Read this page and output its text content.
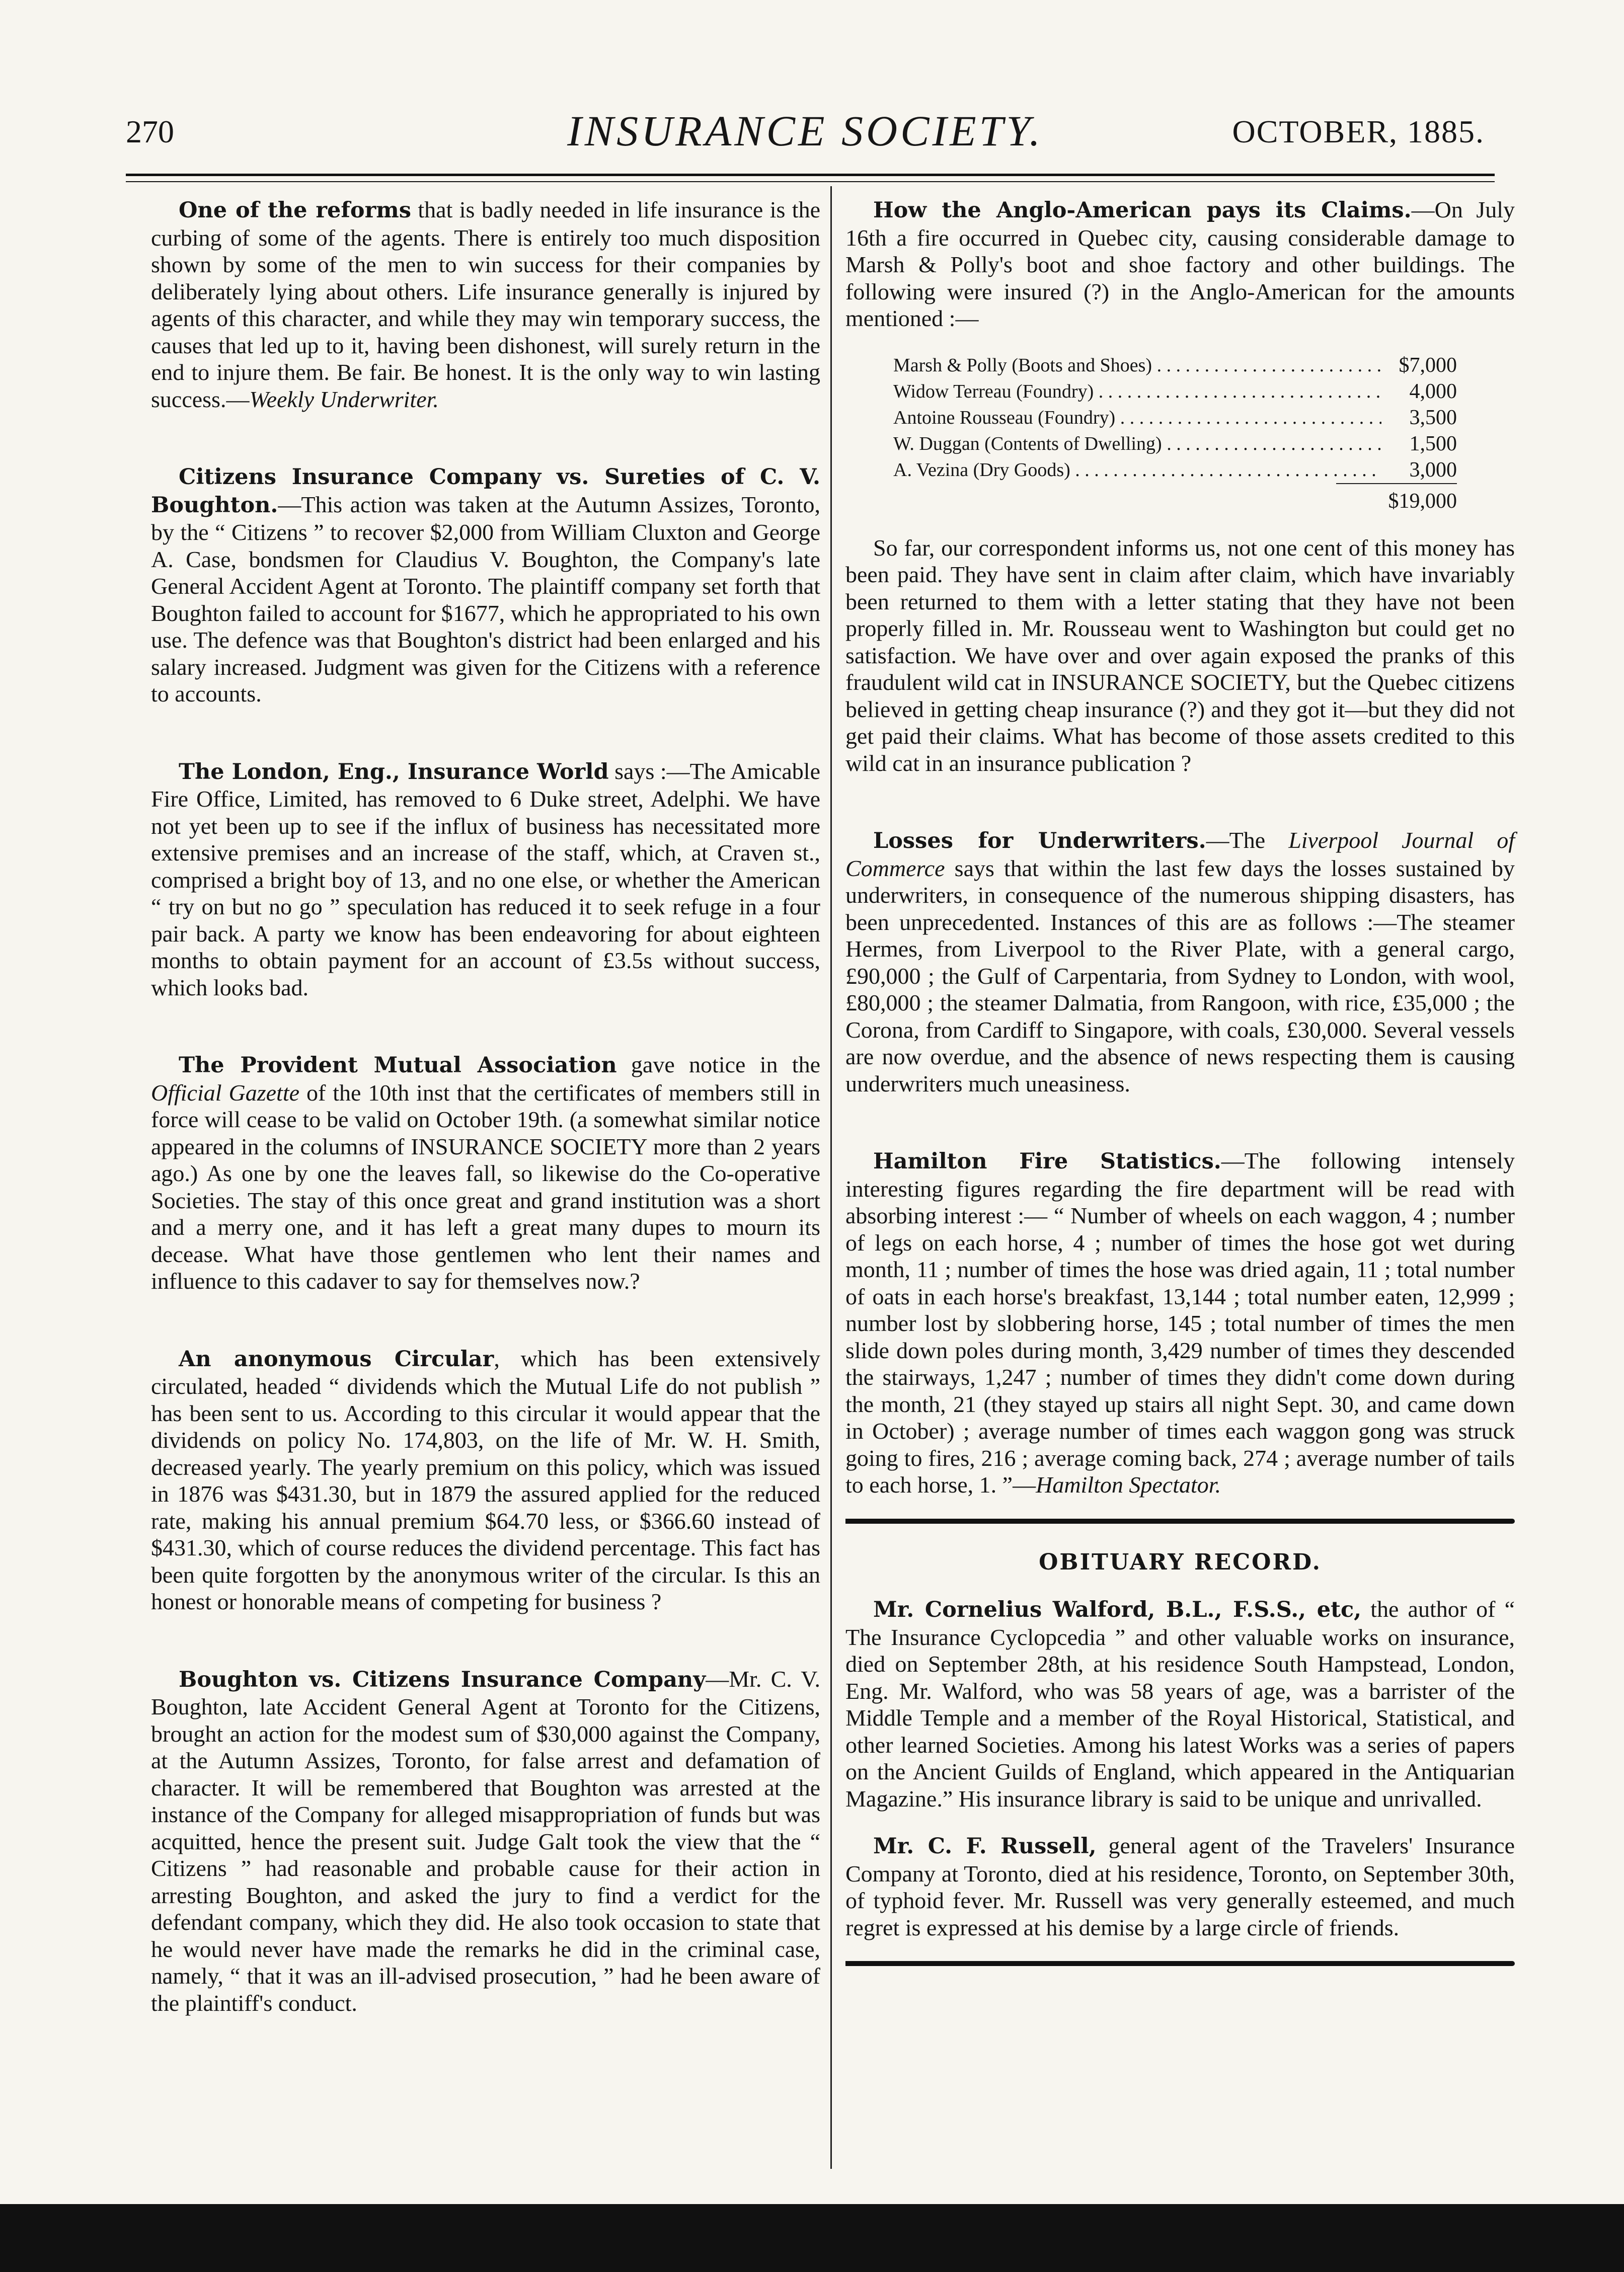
270	INSURANCE SOCIETY.	OCTOBER, 1885.

One of the reforms that is badly needed in life insurance is the curbing of some of the agents. There is entirely too much disposition shown by some of the men to win success for their companies by deliberately lying about others. Life insurance generally is injured by agents of this character, and while they may win temporary success, the causes that led up to it, having been dishonest, will surely return in the end to injure them. Be fair. Be honest. It is the only way to win lasting success.—Weekly Underwriter.

Citizens Insurance Company vs. Sureties of C. V. Boughton.—This action was taken at the Autumn Assizes, Toronto, by the “ Citizens ” to recover $2,000 from William Cluxton and George A. Case, bondsmen for Claudius V. Boughton, the Company's late General Accident Agent at Toronto. The plaintiff company set forth that Boughton failed to account for $1677, which he appropriated to his own use. The defence was that Boughton's district had been enlarged and his salary increased. Judgment was given for the Citizens with a reference to accounts.

The London, Eng., Insurance World says :—The Amicable Fire Office, Limited, has removed to 6 Duke street, Adelphi. We have not yet been up to see if the influx of business has necessitated more extensive premises and an increase of the staff, which, at Craven st., comprised a bright boy of 13, and no one else, or whether the American “ try on but no go ” speculation has reduced it to seek refuge in a four pair back. A party we know has been endeavoring for about eighteen months to obtain payment for an account of £3.5s without success, which looks bad.

The Provident Mutual Association gave notice in the Official Gazette of the 10th inst that the certificates of members still in force will cease to be valid on October 19th. (a somewhat similar notice appeared in the columns of INSURANCE SOCIETY more than 2 years ago.) As one by one the leaves fall, so likewise do the Co-operative Societies. The stay of this once great and grand institution was a short and a merry one, and it has left a great many dupes to mourn its decease. What have those gentlemen who lent their names and influence to this cadaver to say for themselves now.?

An anonymous Circular, which has been extensively circulated, headed “ dividends which the Mutual Life do not publish ” has been sent to us. According to this circular it would appear that the dividends on policy No. 174,803, on the life of Mr. W. H. Smith, decreased yearly. The yearly premium on this policy, which was issued in 1876 was $431.30, but in 1879 the assured applied for the reduced rate, making his annual premium $64.70 less, or $366.60 instead of $431.30, which of course reduces the dividend percentage. This fact has been quite forgotten by the anonymous writer of the circular. Is this an honest or honorable means of competing for business ?

Boughton vs. Citizens Insurance Company—Mr. C. V. Boughton, late Accident General Agent at Toronto for the Citizens, brought an action for the modest sum of $30,000 against the Company, at the Autumn Assizes, Toronto, for false arrest and defamation of character. It will be remembered that Boughton was arrested at the instance of the Company for alleged misappropriation of funds but was acquitted, hence the present suit. Judge Galt took the view that the “ Citizens ” had reasonable and probable cause for their action in arresting Boughton, and asked the jury to find a verdict for the defendant company, which they did. He also took occasion to state that he would never have made the remarks he did in the criminal case, namely, “ that it was an ill-advised prosecution, ” had he been aware of the plaintiff's conduct.

How the Anglo-American pays its Claims.—On July 16th a fire occurred in Quebec city, causing considerable damage to Marsh & Polly's boot and shoe factory and other buildings. The following were insured (?) in the Anglo-American for the amounts mentioned :—

Marsh & Polly (Boots and Shoes) . . .	$7,000
Widow Terreau (Foundry) . . .	4,000
Antoine Rousseau (Foundry) . . .	3,500
W. Duggan (Contents of Dwelling) . . .	1,500
A. Vezina (Dry Goods) . . .	3,000
$19,000

So far, our correspondent informs us, not one cent of this money has been paid. They have sent in claim after claim, which have invariably been returned to them with a letter stating that they have not been properly filled in. Mr. Rousseau went to Washington but could get no satisfaction. We have over and over again exposed the pranks of this fraudulent wild cat in INSURANCE SOCIETY, but the Quebec citizens believed in getting cheap insurance (?) and they got it—but they did not get paid their claims. What has become of those assets credited to this wild cat in an insurance publication ?

Losses for Underwriters.—The Liverpool Journal of Commerce says that within the last few days the losses sustained by underwriters, in consequence of the numerous shipping disasters, has been unprecedented. Instances of this are as follows :—The steamer Hermes, from Liverpool to the River Plate, with a general cargo, £90,000 ; the Gulf of Carpentaria, from Sydney to London, with wool, £80,000 ; the steamer Dalmatia, from Rangoon, with rice, £35,000 ; the Corona, from Cardiff to Singapore, with coals, £30,000. Several vessels are now overdue, and the absence of news respecting them is causing underwriters much uneasiness.

Hamilton Fire Statistics.—The following intensely interesting figures regarding the fire department will be read with absorbing interest :— “ Number of wheels on each waggon, 4 ; number of legs on each horse, 4 ; number of times the hose got wet during month, 11 ; number of times the hose was dried again, 11 ; total number of oats in each horse's breakfast, 13,144 ; total number eaten, 12,999 ; number lost by slobbering horse, 145 ; total number of times the men slide down poles during month, 3,429 number of times they descended the stairways, 1,247 ; number of times they didn't come down during the month, 21 (they stayed up stairs all night Sept. 30, and came down in October) ; average number of times each waggon gong was struck going to fires, 216 ; average coming back, 274 ; average number of tails to each horse, 1. ”—Hamilton Spectator.

OBITUARY RECORD.

Mr. Cornelius Walford, B.L., F.S.S., etc, the author of “ The Insurance Cyclopcedia ” and other valuable works on insurance, died on September 28th, at his residence South Hampstead, London, Eng. Mr. Walford, who was 58 years of age, was a barrister of the Middle Temple and a member of the Royal Historical, Statistical, and other learned Societies. Among his latest Works was a series of papers on the Ancient Guilds of England, which appeared in the Antiquarian Magazine.” His insurance library is said to be unique and unrivalled.

Mr. C. F. Russell, general agent of the Travelers' Insurance Company at Toronto, died at his residence, Toronto, on September 30th, of typhoid fever. Mr. Russell was very generally esteemed, and much regret is expressed at his demise by a large circle of friends.
